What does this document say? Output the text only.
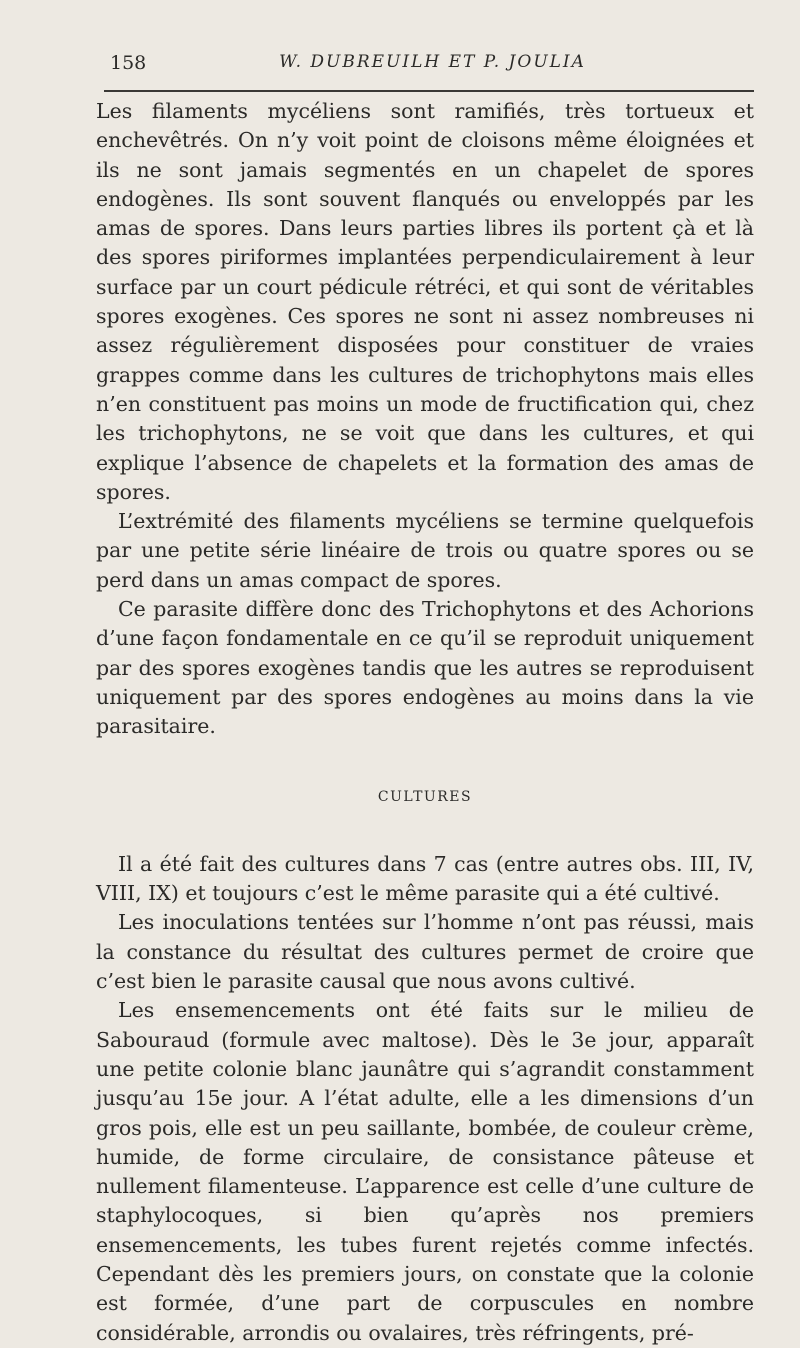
158	W. DUBREUILH ET P. JOULIA

Les filaments mycéliens sont ramifiés, très tortueux et enchevêtrés. On n’y voit point de cloisons même éloignées et ils ne sont jamais segmentés en un chapelet de spores endogènes. Ils sont souvent flanqués ou enveloppés par les amas de spores. Dans leurs parties libres ils portent çà et là des spores piriformes implantées perpendiculairement à leur surface par un court pédicule rétréci, et qui sont de véritables spores exogènes. Ces spores ne sont ni assez nombreuses ni assez régulièrement disposées pour constituer de vraies grappes comme dans les cultures de trichophytons mais elles n’en constituent pas moins un mode de fructification qui, chez les trichophytons, ne se voit que dans les cultures, et qui explique l’absence de chapelets et la formation des amas de spores.

L’extrémité des filaments mycéliens se termine quelquefois par une petite série linéaire de trois ou quatre spores ou se perd dans un amas compact de spores.

Ce parasite diffère donc des Trichophytons et des Achorions d’une façon fondamentale en ce qu’il se reproduit uniquement par des spores exogènes tandis que les autres se reproduisent uniquement par des spores endogènes au moins dans la vie parasitaire.

CULTURES

Il a été fait des cultures dans 7 cas (entre autres obs. III, IV, VIII, IX) et toujours c’est le même parasite qui a été cultivé.

Les inoculations tentées sur l’homme n’ont pas réussi, mais la constance du résultat des cultures permet de croire que c’est bien le parasite causal que nous avons cultivé.

Les ensemencements ont été faits sur le milieu de Sabouraud (formule avec maltose). Dès le 3e jour, apparaît une petite colonie blanc jaunâtre qui s’agrandit constamment jusqu’au 15e jour. A l’état adulte, elle a les dimensions d’un gros pois, elle est un peu saillante, bombée, de couleur crème, humide, de forme circulaire, de consistance pâteuse et nullement filamenteuse. L’apparence est celle d’une culture de staphylocoques, si bien qu’après nos premiers ensemencements, les tubes furent rejetés comme infectés. Cependant dès les premiers jours, on constate que la colonie est formée, d’une part de corpuscules en nombre considérable, arrondis ou ovalaires, très réfringents, pré-
